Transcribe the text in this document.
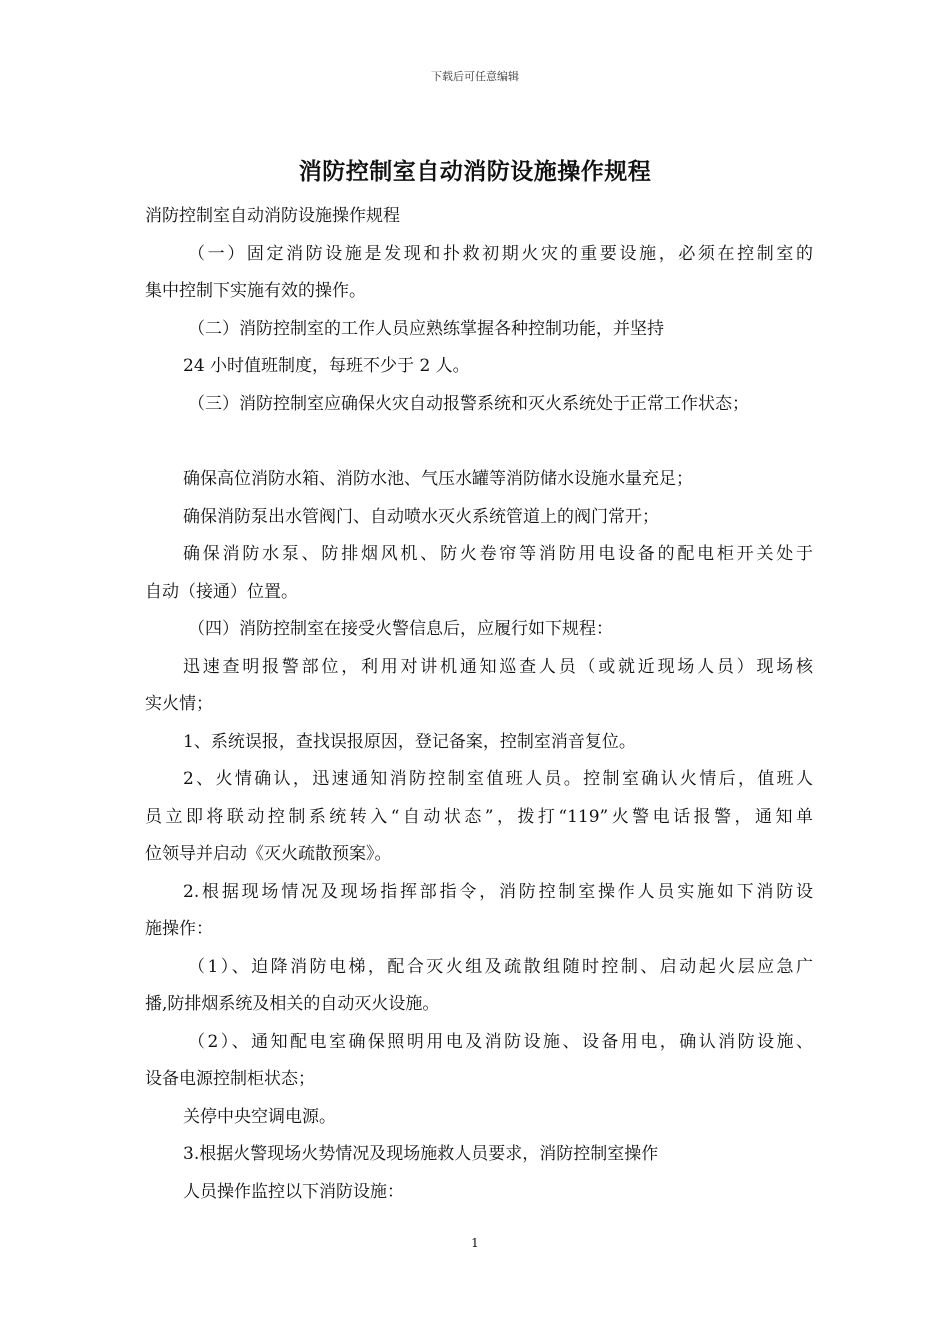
下载后可任意编辑
消防控制室自动消防设施操作规程
消防控制室自动消防设施操作规程
（一）固定消防设施是发现和扑救初期火灾的重要设施，必须在控制室的
集中控制下实施有效的操作。
（二）消防控制室的工作人员应熟练掌握各种控制功能，并坚持
24 小时值班制度，每班不少于 2 人。
（三）消防控制室应确保火灾自动报警系统和灭火系统处于正常工作状态；
确保高位消防水箱、消防水池、气压水罐等消防储水设施水量充足；
确保消防泵出水管阀门、自动喷水灭火系统管道上的阀门常开；
确保消防水泵、防排烟风机、防火卷帘等消防用电设备的配电柜开关处于
自动（接通）位置。
（四）消防控制室在接受火警信息后，应履行如下规程：
迅速查明报警部位，利用对讲机通知巡查人员（或就近现场人员）现场核
实火情；
1、系统误报，查找误报原因，登记备案，控制室消音复位。
2、火情确认，迅速通知消防控制室值班人员。控制室确认火情后，值班人
员立即将联动控制系统转入“自动状态”，拨打“119”火警电话报警，通知单
位领导并启动《灭火疏散预案》。
2.根据现场情况及现场指挥部指令，消防控制室操作人员实施如下消防设
施操作：
（1）、迫降消防电梯，配合灭火组及疏散组随时控制、启动起火层应急广
播,防排烟系统及相关的自动灭火设施。
（2）、通知配电室确保照明用电及消防设施、设备用电，确认消防设施、
设备电源控制柜状态；
关停中央空调电源。
3.根据火警现场火势情况及现场施救人员要求，消防控制室操作
人员操作监控以下消防设施：
1
